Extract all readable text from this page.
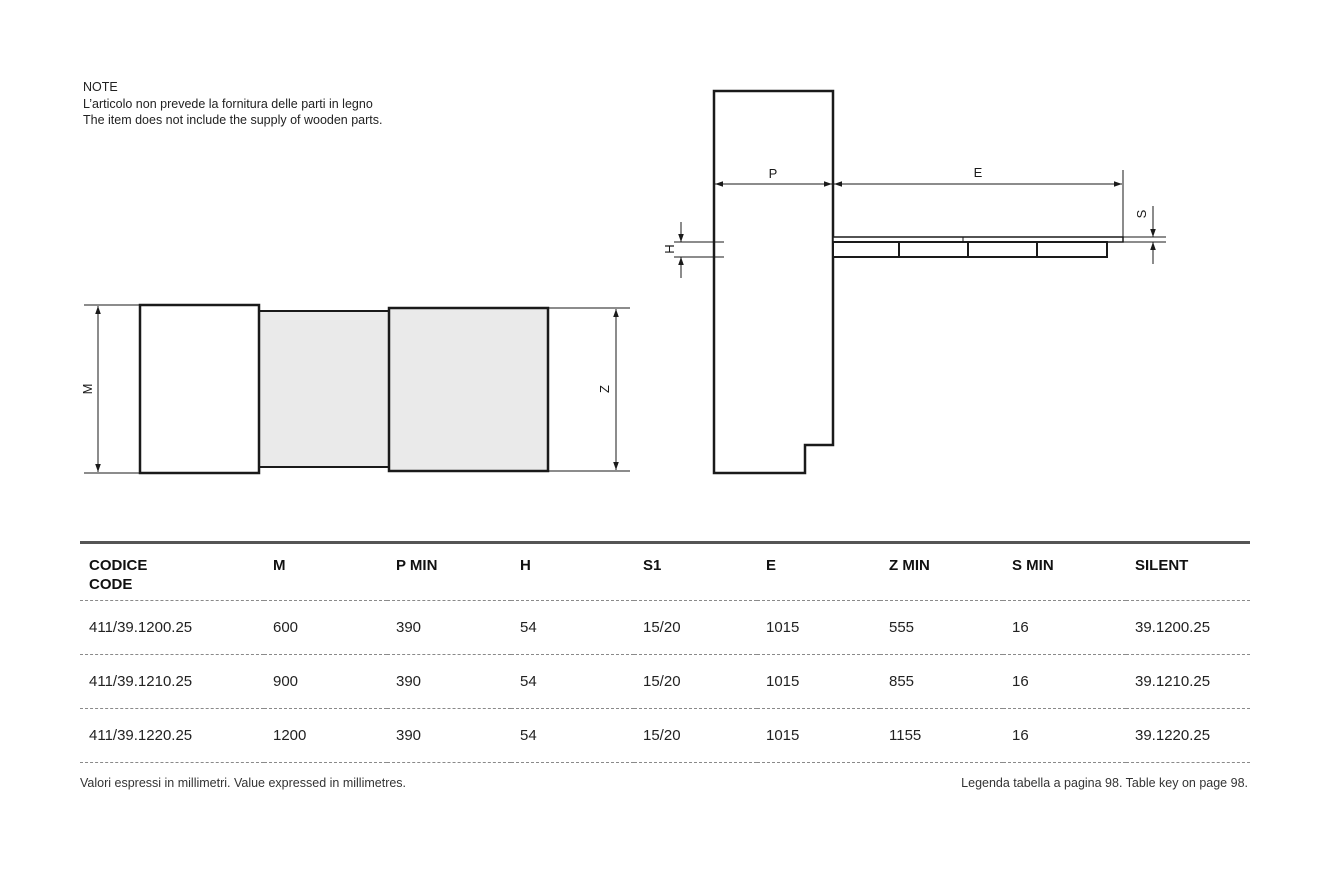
NOTE
L’articolo non prevede la fornitura delle parti in legno
The item does not include the supply of wooden parts.
M	Z
P	E
H
S
CODICE
CODE	M	P MIN	H	S1	E	Z MIN	S MIN	SILENT
411/39.1200.25	600	390	54	15/20	1015	555	16	39.1200.25
411/39.1210.25	900	390	54	15/20	1015	855	16	39.1210.25
411/39.1220.25	1200	390	54	15/20	1015	1155	16	39.1220.25
Valori espressi in millimetri. Value expressed in millimetres.	Legenda tabella a pagina 98. Table key on page 98.
